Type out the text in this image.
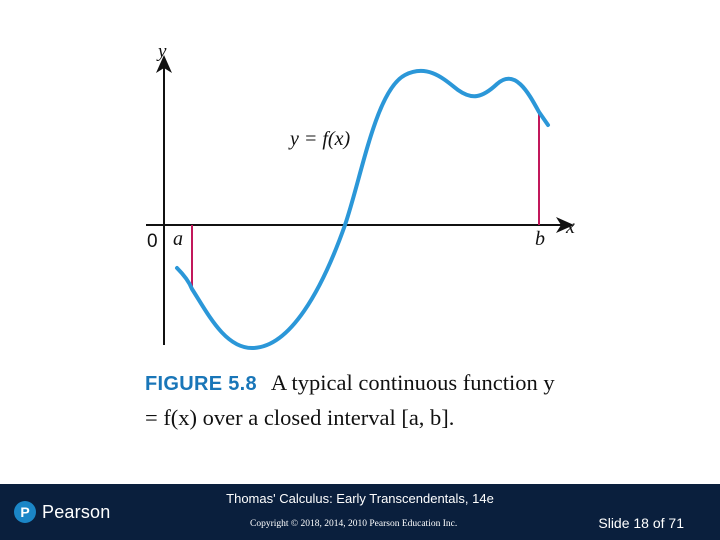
y
x
0 a	b
y = f(x)
FIGURE 5.8 A typical continuous function y = f(x) over a closed interval [a, b].
P Pearson
Thomas' Calculus: Early Transcendentals, 14e
Copyright © 2018, 2014, 2010 Pearson Education Inc.	Slide 18 of 71
